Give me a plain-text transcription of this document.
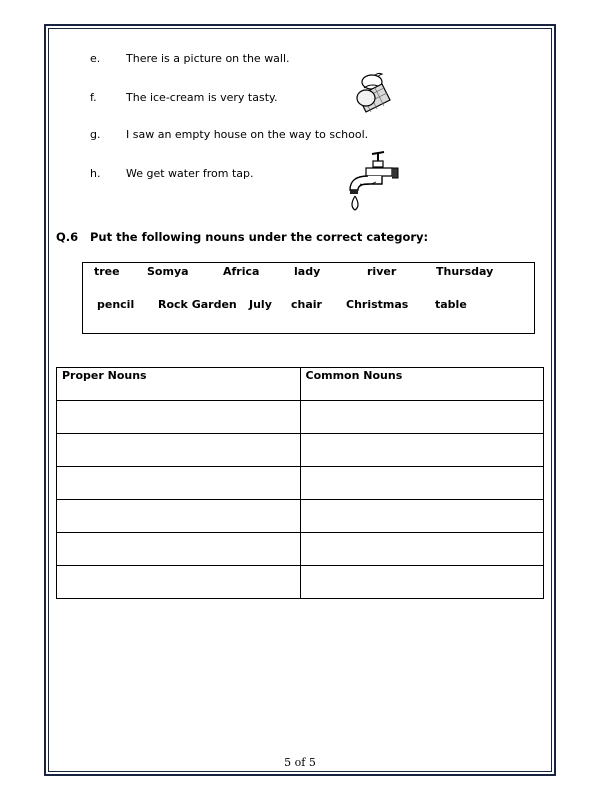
e. There is a picture on the wall.
f.	The ice-cream is very tasty.
g. I saw an empty house on the way to school.
h. We get water from tap.
Q.6 Put the following nouns under the correct category:
tree Somya	Africa	lady	river	Thursday
pencil Rock Garden July chair Christmas table
Proper Nouns	Common Nouns

5 of 5
